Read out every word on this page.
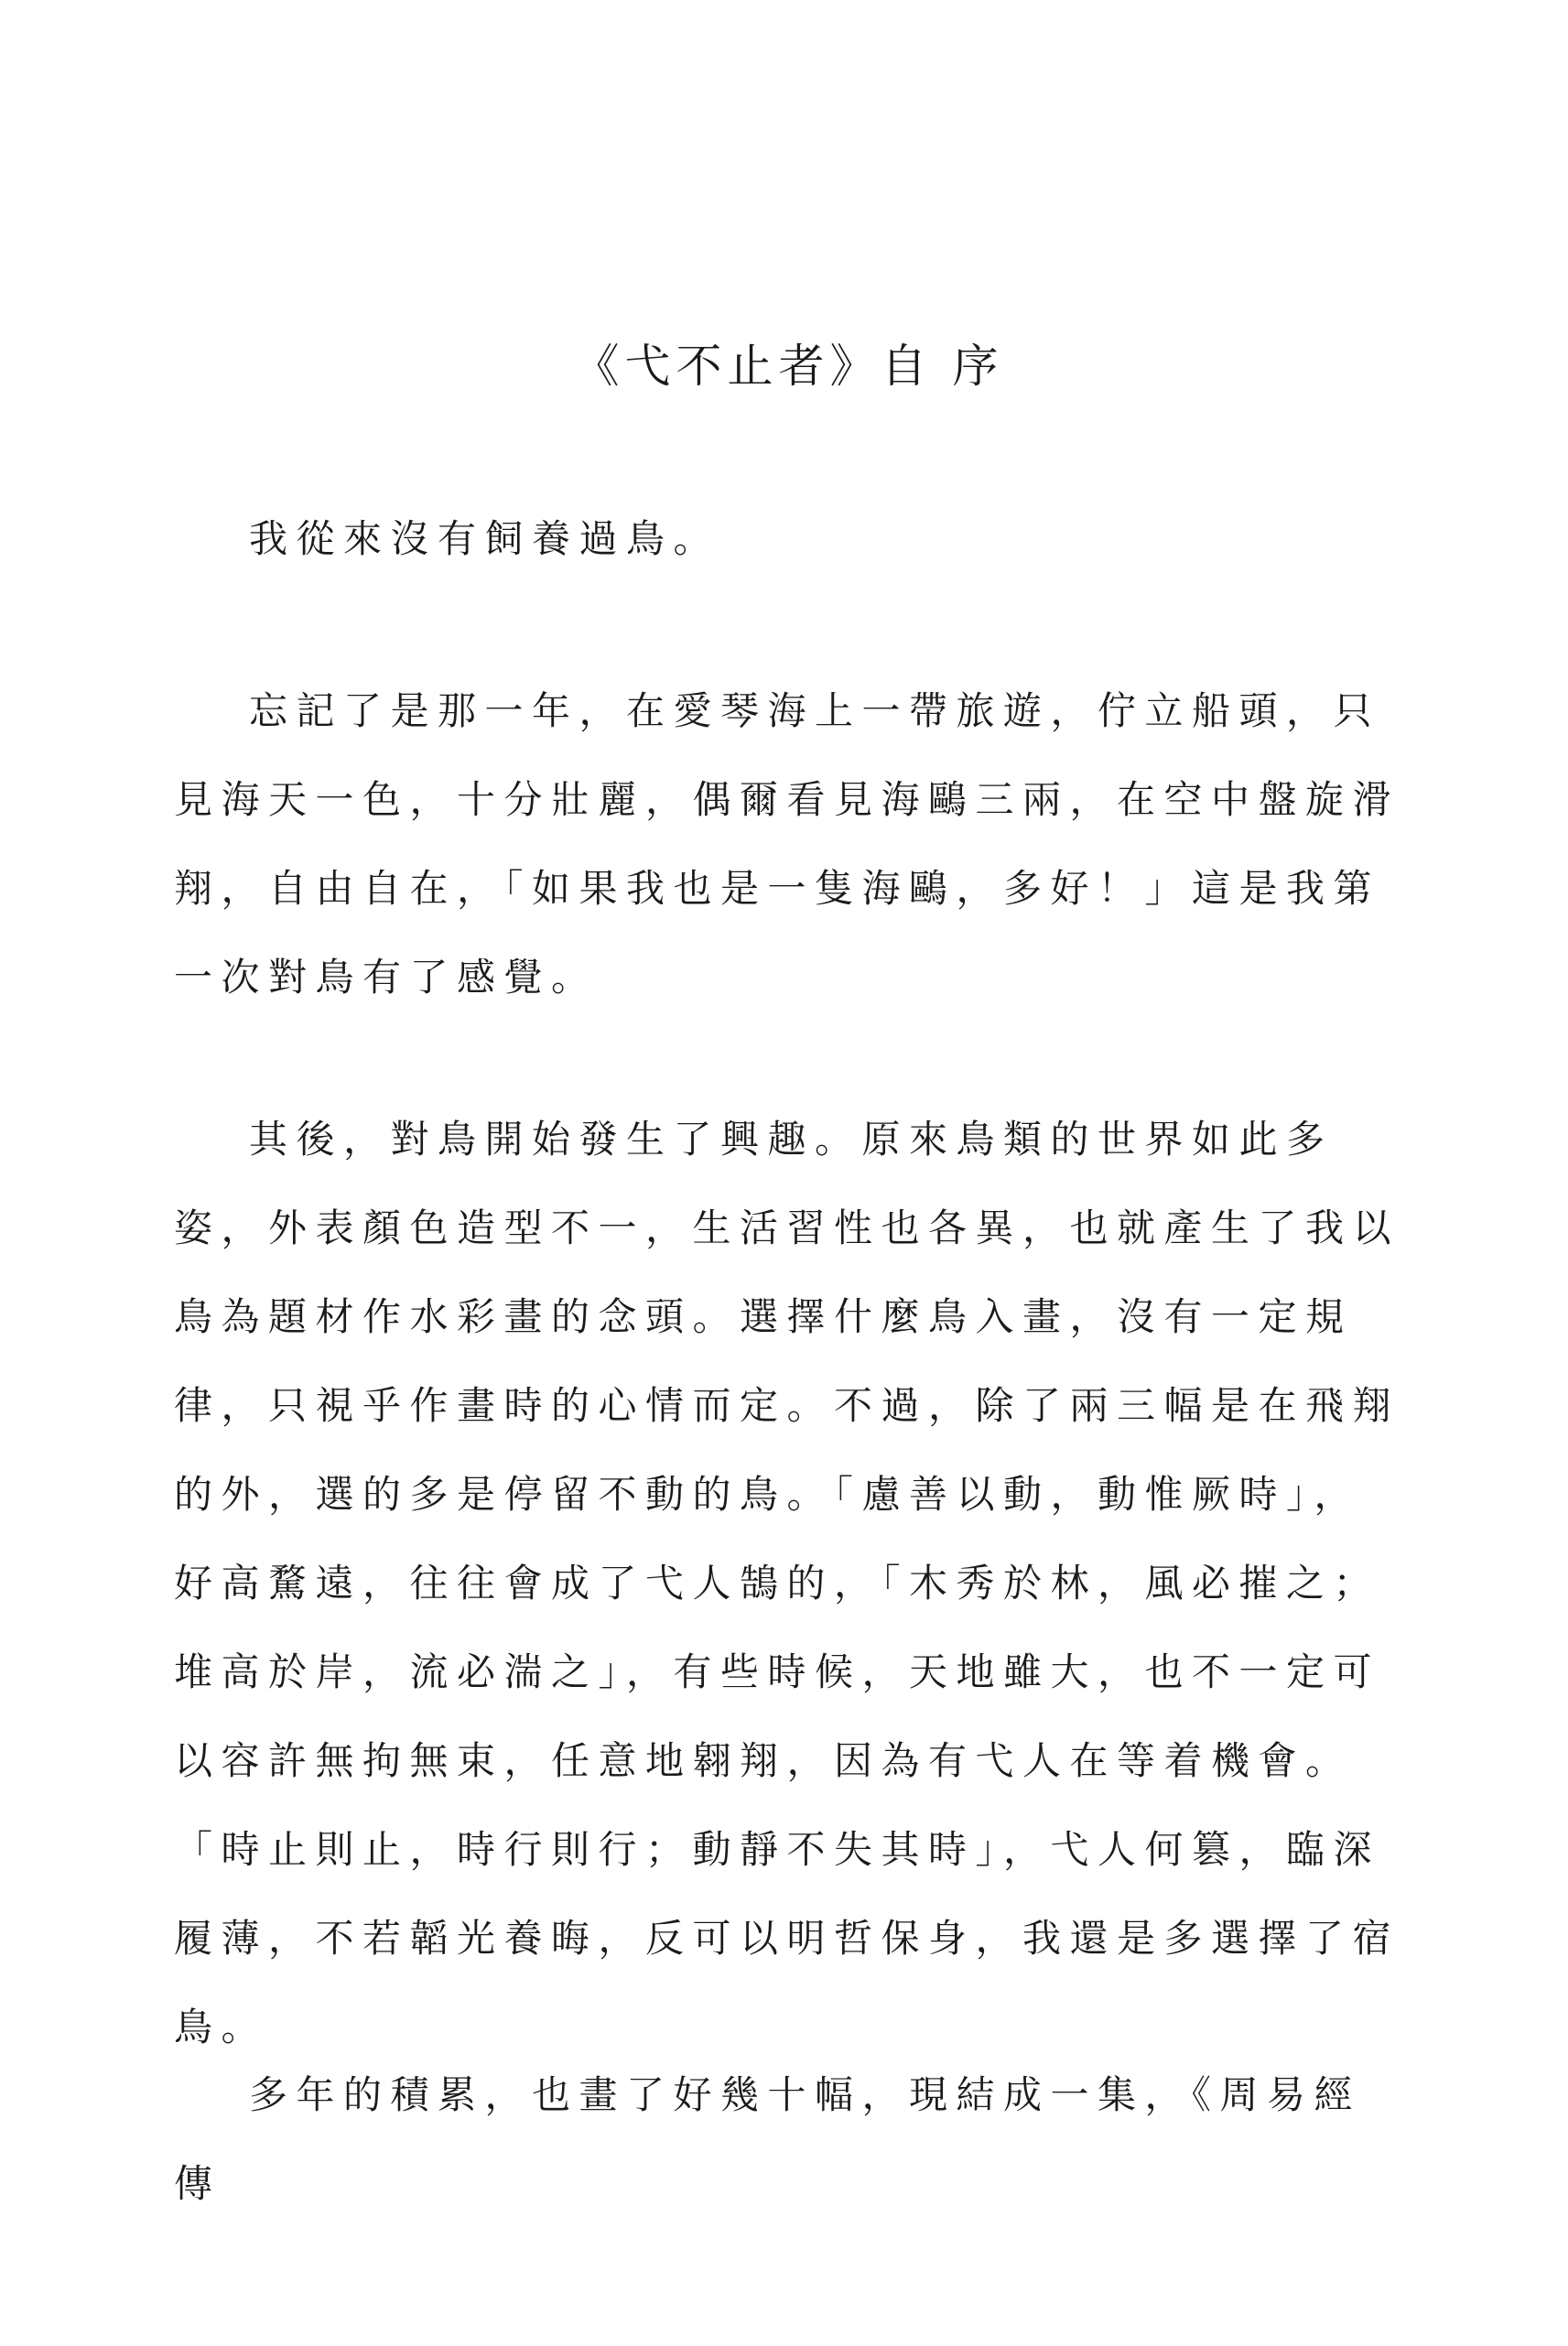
《弋不止者》自 序

我從來沒有飼養過鳥。

忘記了是那一年，在愛琴海上一帶旅遊，佇立船頭，只見海天一色，十分壯麗，偶爾看見海鷗三兩，在空中盤旋滑翔，自由自在，「如果我也是一隻海鷗，多好！」這是我第一次對鳥有了感覺。

其後，對鳥開始發生了興趣。原來鳥類的世界如此多姿，外表顏色造型不一，生活習性也各異，也就產生了我以鳥為題材作水彩畫的念頭。選擇什麼鳥入畫，沒有一定規律，只視乎作畫時的心情而定。不過，除了兩三幅是在飛翔的外，選的多是停留不動的鳥。「慮善以動，動惟厥時」，好高騖遠，往往會成了弋人鵠的，「木秀於林，風必摧之；堆高於岸，流必湍之」，有些時候，天地雖大，也不一定可以容許無拘無束，任意地翱翔，因為有弋人在等着機會。「時止則止，時行則行；動靜不失其時」，弋人何篡，臨深履薄，不若韜光養晦，反可以明哲保身，我還是多選擇了宿鳥。

多年的積累，也畫了好幾十幅，現結成一集，《周易經傳
